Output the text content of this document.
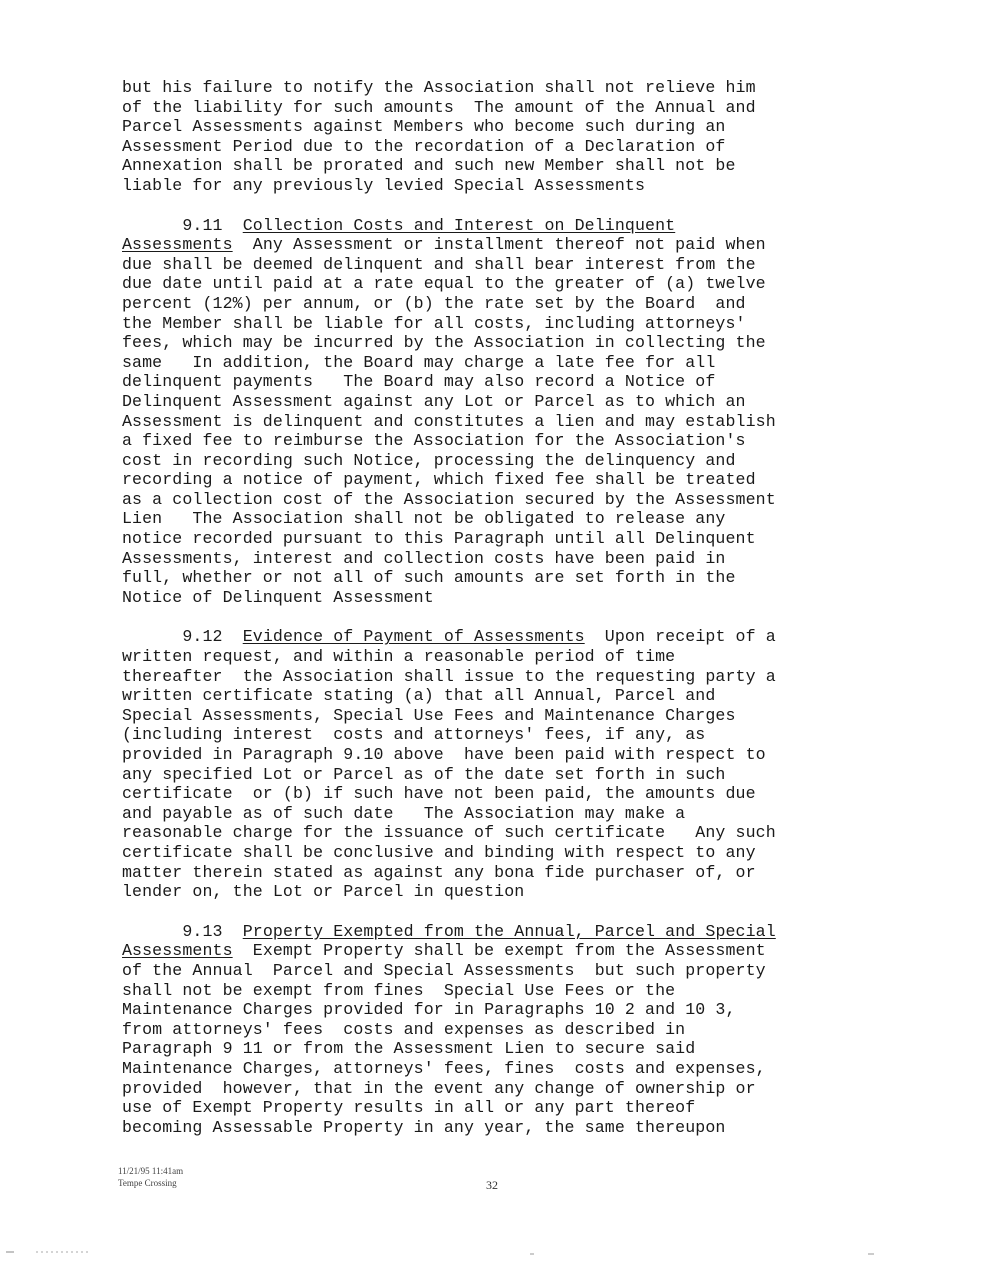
but his failure to notify the Association shall not relieve him
of the liability for such amounts  The amount of the Annual and
Parcel Assessments against Members who become such during an
Assessment Period due to the recordation of a Declaration of
Annexation shall be prorated and such new Member shall not be
liable for any previously levied Special Assessments
9.11 Collection Costs and Interest on Delinquent
Assessments  Any Assessment or installment thereof not paid when
due shall be deemed delinquent and shall bear interest from the
due date until paid at a rate equal to the greater of (a) twelve
percent (12%) per annum, or (b) the rate set by the Board  and
the Member shall be liable for all costs, including attorneys'
fees, which may be incurred by the Association in collecting the
same   In addition, the Board may charge a late fee for all
delinquent payments   The Board may also record a Notice of
Delinquent Assessment against any Lot or Parcel as to which an
Assessment is delinquent and constitutes a lien and may establish
a fixed fee to reimburse the Association for the Association's
cost in recording such Notice, processing the delinquency and
recording a notice of payment, which fixed fee shall be treated
as a collection cost of the Association secured by the Assessment
Lien   The Association shall not be obligated to release any
notice recorded pursuant to this Paragraph until all Delinquent
Assessments, interest and collection costs have been paid in
full, whether or not all of such amounts are set forth in the
Notice of Delinquent Assessment
9.12 Evidence of Payment of Assessments  Upon receipt of a
written request, and within a reasonable period of time
thereafter  the Association shall issue to the requesting party a
written certificate stating (a) that all Annual, Parcel and
Special Assessments, Special Use Fees and Maintenance Charges
(including interest  costs and attorneys' fees, if any, as
provided in Paragraph 9.10 above  have been paid with respect to
any specified Lot or Parcel as of the date set forth in such
certificate  or (b) if such have not been paid, the amounts due
and payable as of such date   The Association may make a
reasonable charge for the issuance of such certificate   Any such
certificate shall be conclusive and binding with respect to any
matter therein stated as against any bona fide purchaser of, or
lender on, the Lot or Parcel in question
9.13 Property Exempted from the Annual, Parcel and Special
Assessments  Exempt Property shall be exempt from the Assessment
of the Annual  Parcel and Special Assessments  but such property
shall not be exempt from fines  Special Use Fees or the
Maintenance Charges provided for in Paragraphs 10 2 and 10 3,
from attorneys' fees  costs and expenses as described in
Paragraph 9 11 or from the Assessment Lien to secure said
Maintenance Charges, attorneys' fees, fines  costs and expenses,
provided  however, that in the event any change of ownership or
use of Exempt Property results in all or any part thereof
becoming Assessable Property in any year, the same thereupon
11/21/95 11:41am
Tempe Crossing	32
